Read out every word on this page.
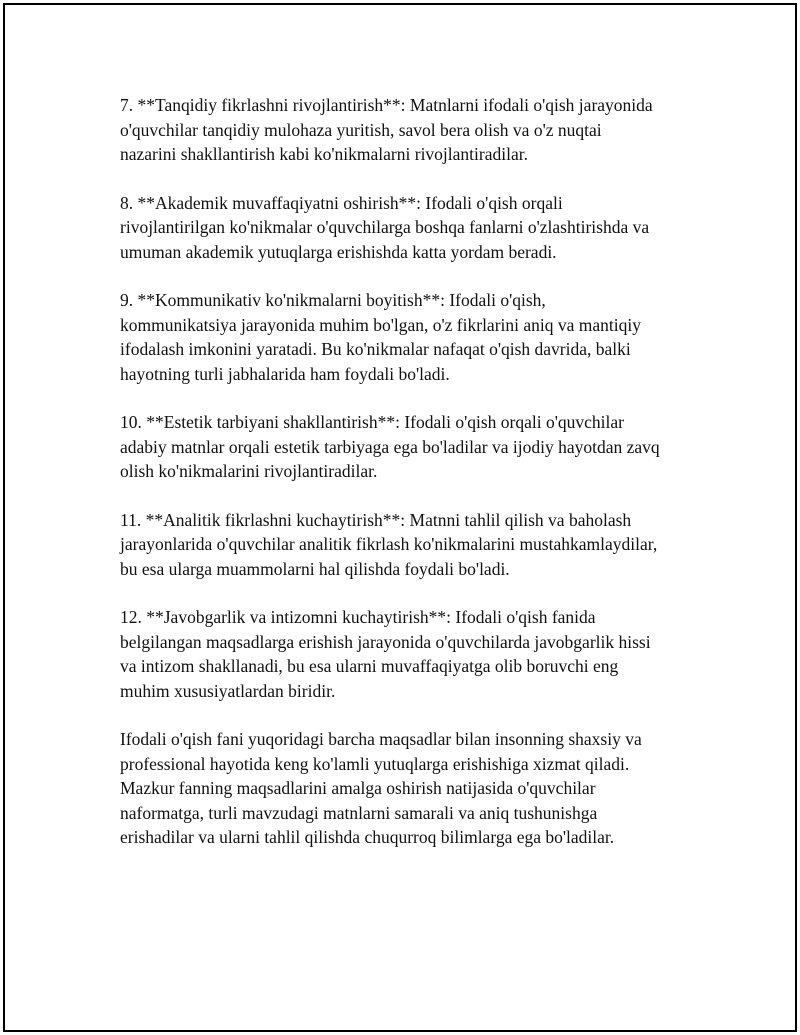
7. **Tanqidiy fikrlashni rivojlantirish**: Matnlarni ifodali o'qish jarayonida
o'quvchilar tanqidiy mulohaza yuritish, savol bera olish va o'z nuqtai
nazarini shakllantirish kabi ko'nikmalarni rivojlantiradilar.

8. **Akademik muvaffaqiyatni oshirish**: Ifodali o'qish orqali
rivojlantirilgan ko'nikmalar o'quvchilarga boshqa fanlarni o'zlashtirishda va
umuman akademik yutuqlarga erishishda katta yordam beradi.

9. **Kommunikativ ko'nikmalarni boyitish**: Ifodali o'qish,
kommunikatsiya jarayonida muhim bo'lgan, o'z fikrlarini aniq va mantiqiy
ifodalash imkonini yaratadi. Bu ko'nikmalar nafaqat o'qish davrida, balki
hayotning turli jabhalarida ham foydali bo'ladi.

10. **Estetik tarbiyani shakllantirish**: Ifodali o'qish orqali o'quvchilar
adabiy matnlar orqali estetik tarbiyaga ega bo'ladilar va ijodiy hayotdan zavq
olish ko'nikmalarini rivojlantiradilar.

11. **Analitik fikrlashni kuchaytirish**: Matnni tahlil qilish va baholash
jarayonlarida o'quvchilar analitik fikrlash ko'nikmalarini mustahkamlaydilar,
bu esa ularga muammolarni hal qilishda foydali bo'ladi.

12. **Javobgarlik va intizomni kuchaytirish**: Ifodali o'qish fanida
belgilangan maqsadlarga erishish jarayonida o'quvchilarda javobgarlik hissi
va intizom shakllanadi, bu esa ularni muvaffaqiyatga olib boruvchi eng
muhim xususiyatlardan biridir.

Ifodali o'qish fani yuqoridagi barcha maqsadlar bilan insonning shaxsiy va
professional hayotida keng ko'lamli yutuqlarga erishishiga xizmat qiladi.
Mazkur fanning maqsadlarini amalga oshirish natijasida o'quvchilar
naformatga, turli mavzudagi matnlarni samarali va aniq tushunishga
erishadilar va ularni tahlil qilishda chuqurroq bilimlarga ega bo'ladilar.
